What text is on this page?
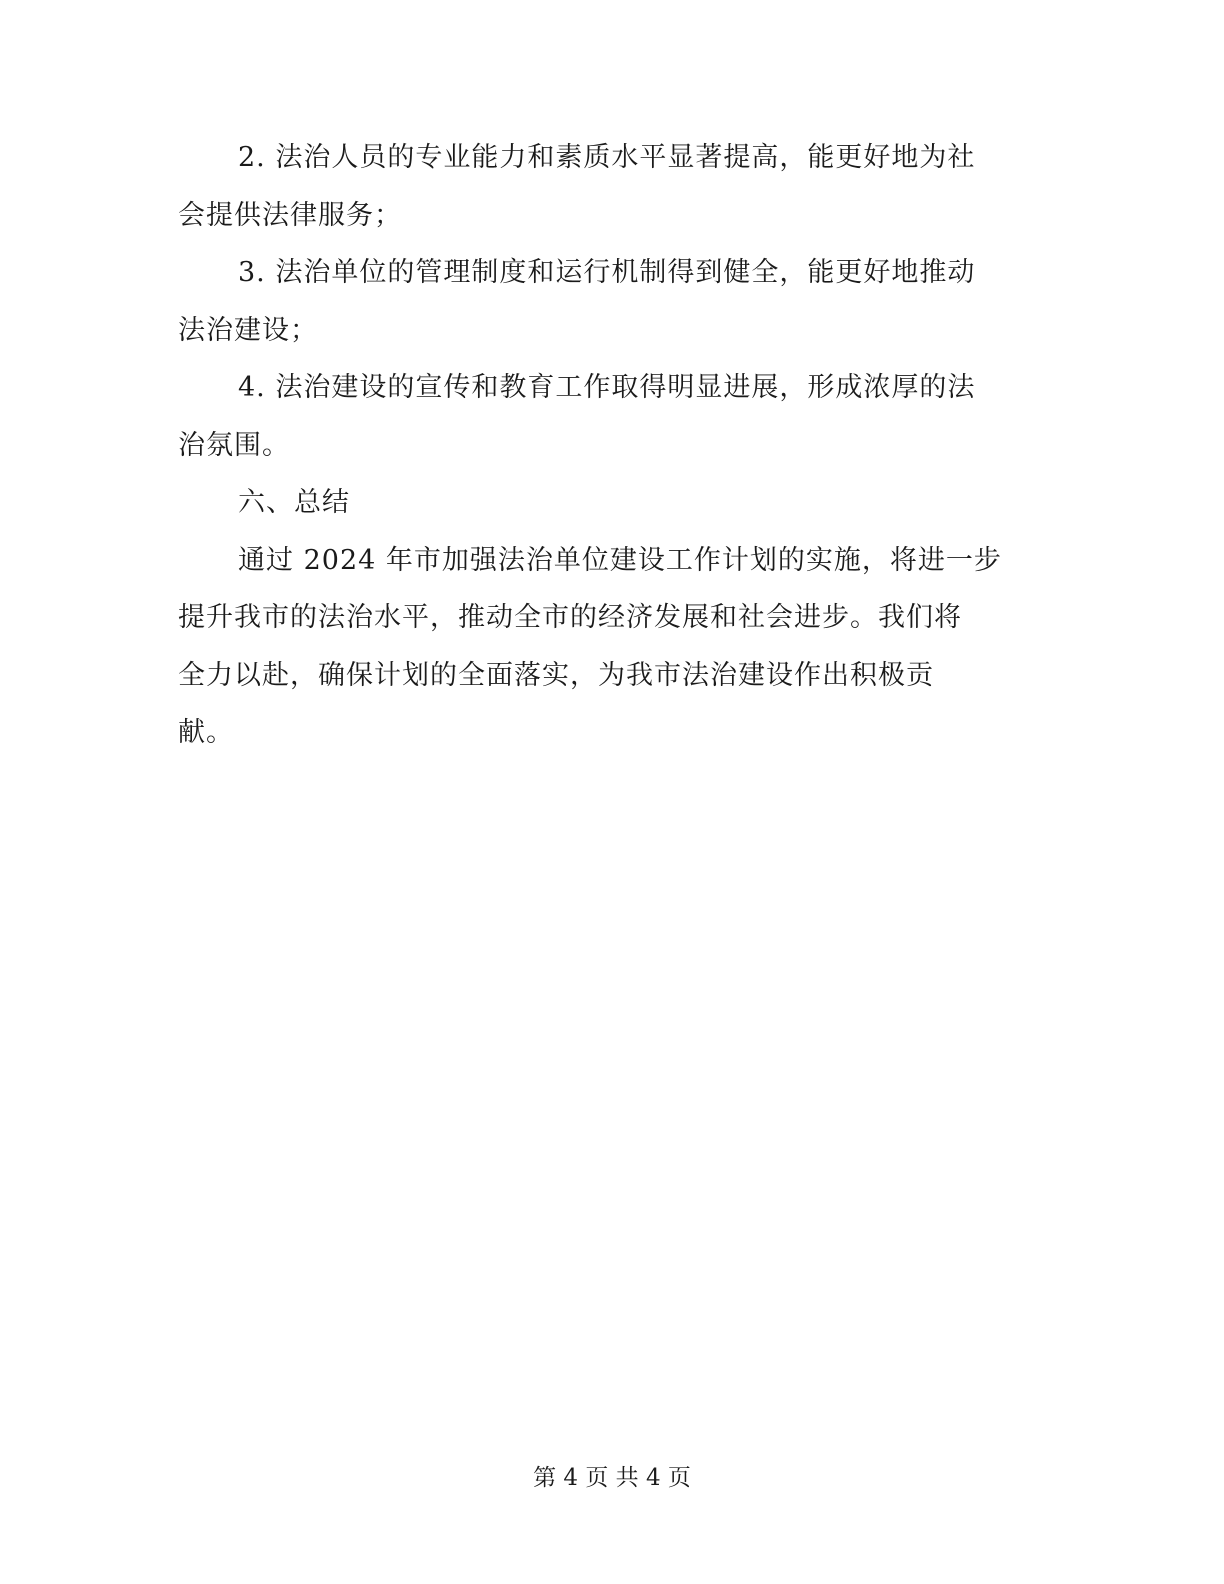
2. 法治人员的专业能力和素质水平显著提高，能更好地为社
会提供法律服务；
3. 法治单位的管理制度和运行机制得到健全，能更好地推动
法治建设；
4. 法治建设的宣传和教育工作取得明显进展，形成浓厚的法
治氛围。
六、总结
通过 2024 年市加强法治单位建设工作计划的实施，将进一步
提升我市的法治水平，推动全市的经济发展和社会进步。我们将
全力以赴，确保计划的全面落实，为我市法治建设作出积极贡
献。
第 4 页 共 4 页
